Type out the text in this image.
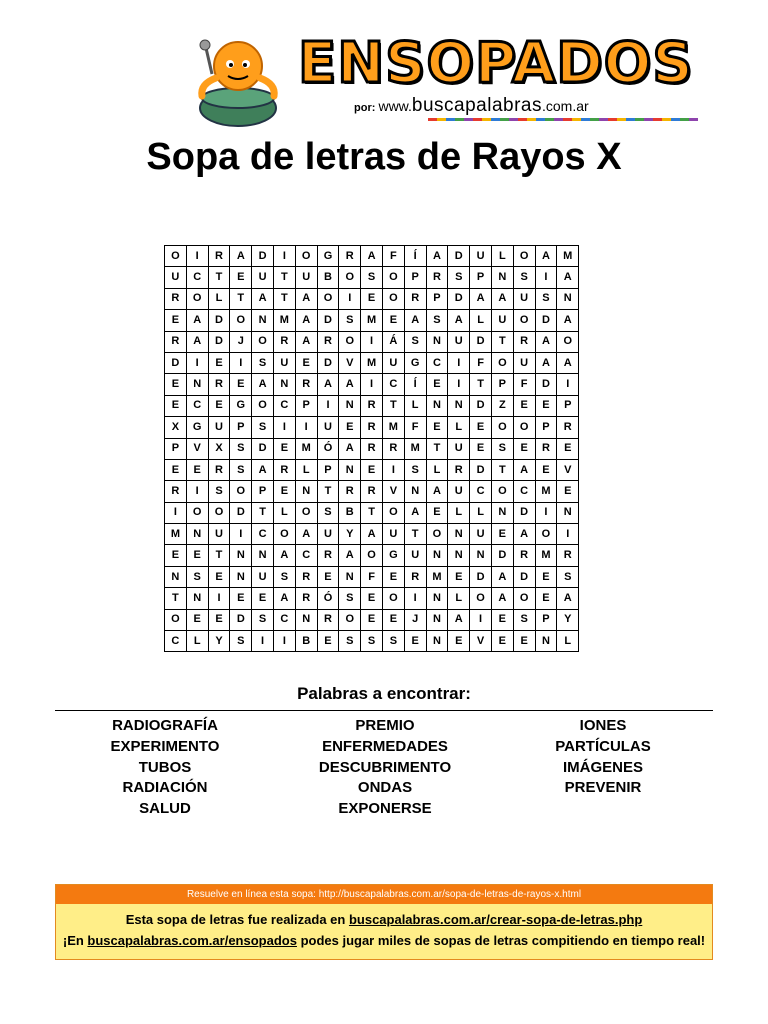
ENSOPADOS
por: www.buscapalabras.com.ar
Sopa de letras de Rayos X
O	I	R	A	D	I	O	G	R	A	F	Í	A	D	U	L	O	A	M
U	C	T	E	U	T	U	B	O	S	O	P	R	S	P	N	S	I	A
R	O	L	T	A	T	A	O	I	E	O	R	P	D	A	A	U	S	N
E	A	D	O	N	M	A	D	S	M	E	A	S	A	L	U	O	D	A
R	A	D	J	O	R	A	R	O	I	Á	S	N	U	D	T	R	A	O
D	I	E	I	S	U	E	D	V	M	U	G	C	I	F	O	U	A	A
E	N	R	E	A	N	R	A	A	I	C	Í	E	I	T	P	F	D	I
E	C	E	G	O	C	P	I	N	R	T	L	N	N	D	Z	E	E	P
X	G	U	P	S	I	I	U	E	R	M	F	E	L	E	O	O	P	R
P	V	X	S	D	E	M	Ó	A	R	R	M	T	U	E	S	E	R	E
E	E	R	S	A	R	L	P	N	E	I	S	L	R	D	T	A	E	V
R	I	S	O	P	E	N	T	R	R	V	N	A	U	C	O	C	M	E
I	O	O	D	T	L	O	S	B	T	O	A	E	L	L	N	D	I	N
M	N	U	I	C	O	A	U	Y	A	U	T	O	N	U	E	A	O	I
E	E	T	N	N	A	C	R	A	O	G	U	N	N	N	D	R	M	R
N	S	E	N	U	S	R	E	N	F	E	R	M	E	D	A	D	E	S
T	N	I	E	E	A	R	Ó	S	E	O	I	N	L	O	A	O	E	A
O	E	E	D	S	C	N	R	O	E	E	J	N	A	I	E	S	P	Y
C	L	Y	S	I	I	B	E	S	S	S	E	N	E	V	E	E	N	L
Palabras a encontrar:
RADIOGRAFÍA
EXPERIMENTO
TUBOS
RADIACIÓN
SALUD
PREMIO
ENFERMEDADES
DESCUBRIMENTO
ONDAS
EXPONERSE
IONES
PARTÍCULAS
IMÁGENES
PREVENIR
Resuelve en línea esta sopa: http://buscapalabras.com.ar/sopa-de-letras-de-rayos-x.html
Esta sopa de letras fue realizada en buscapalabras.com.ar/crear-sopa-de-letras.php
¡En buscapalabras.com.ar/ensopados podes jugar miles de sopas de letras compitiendo en tiempo real!
